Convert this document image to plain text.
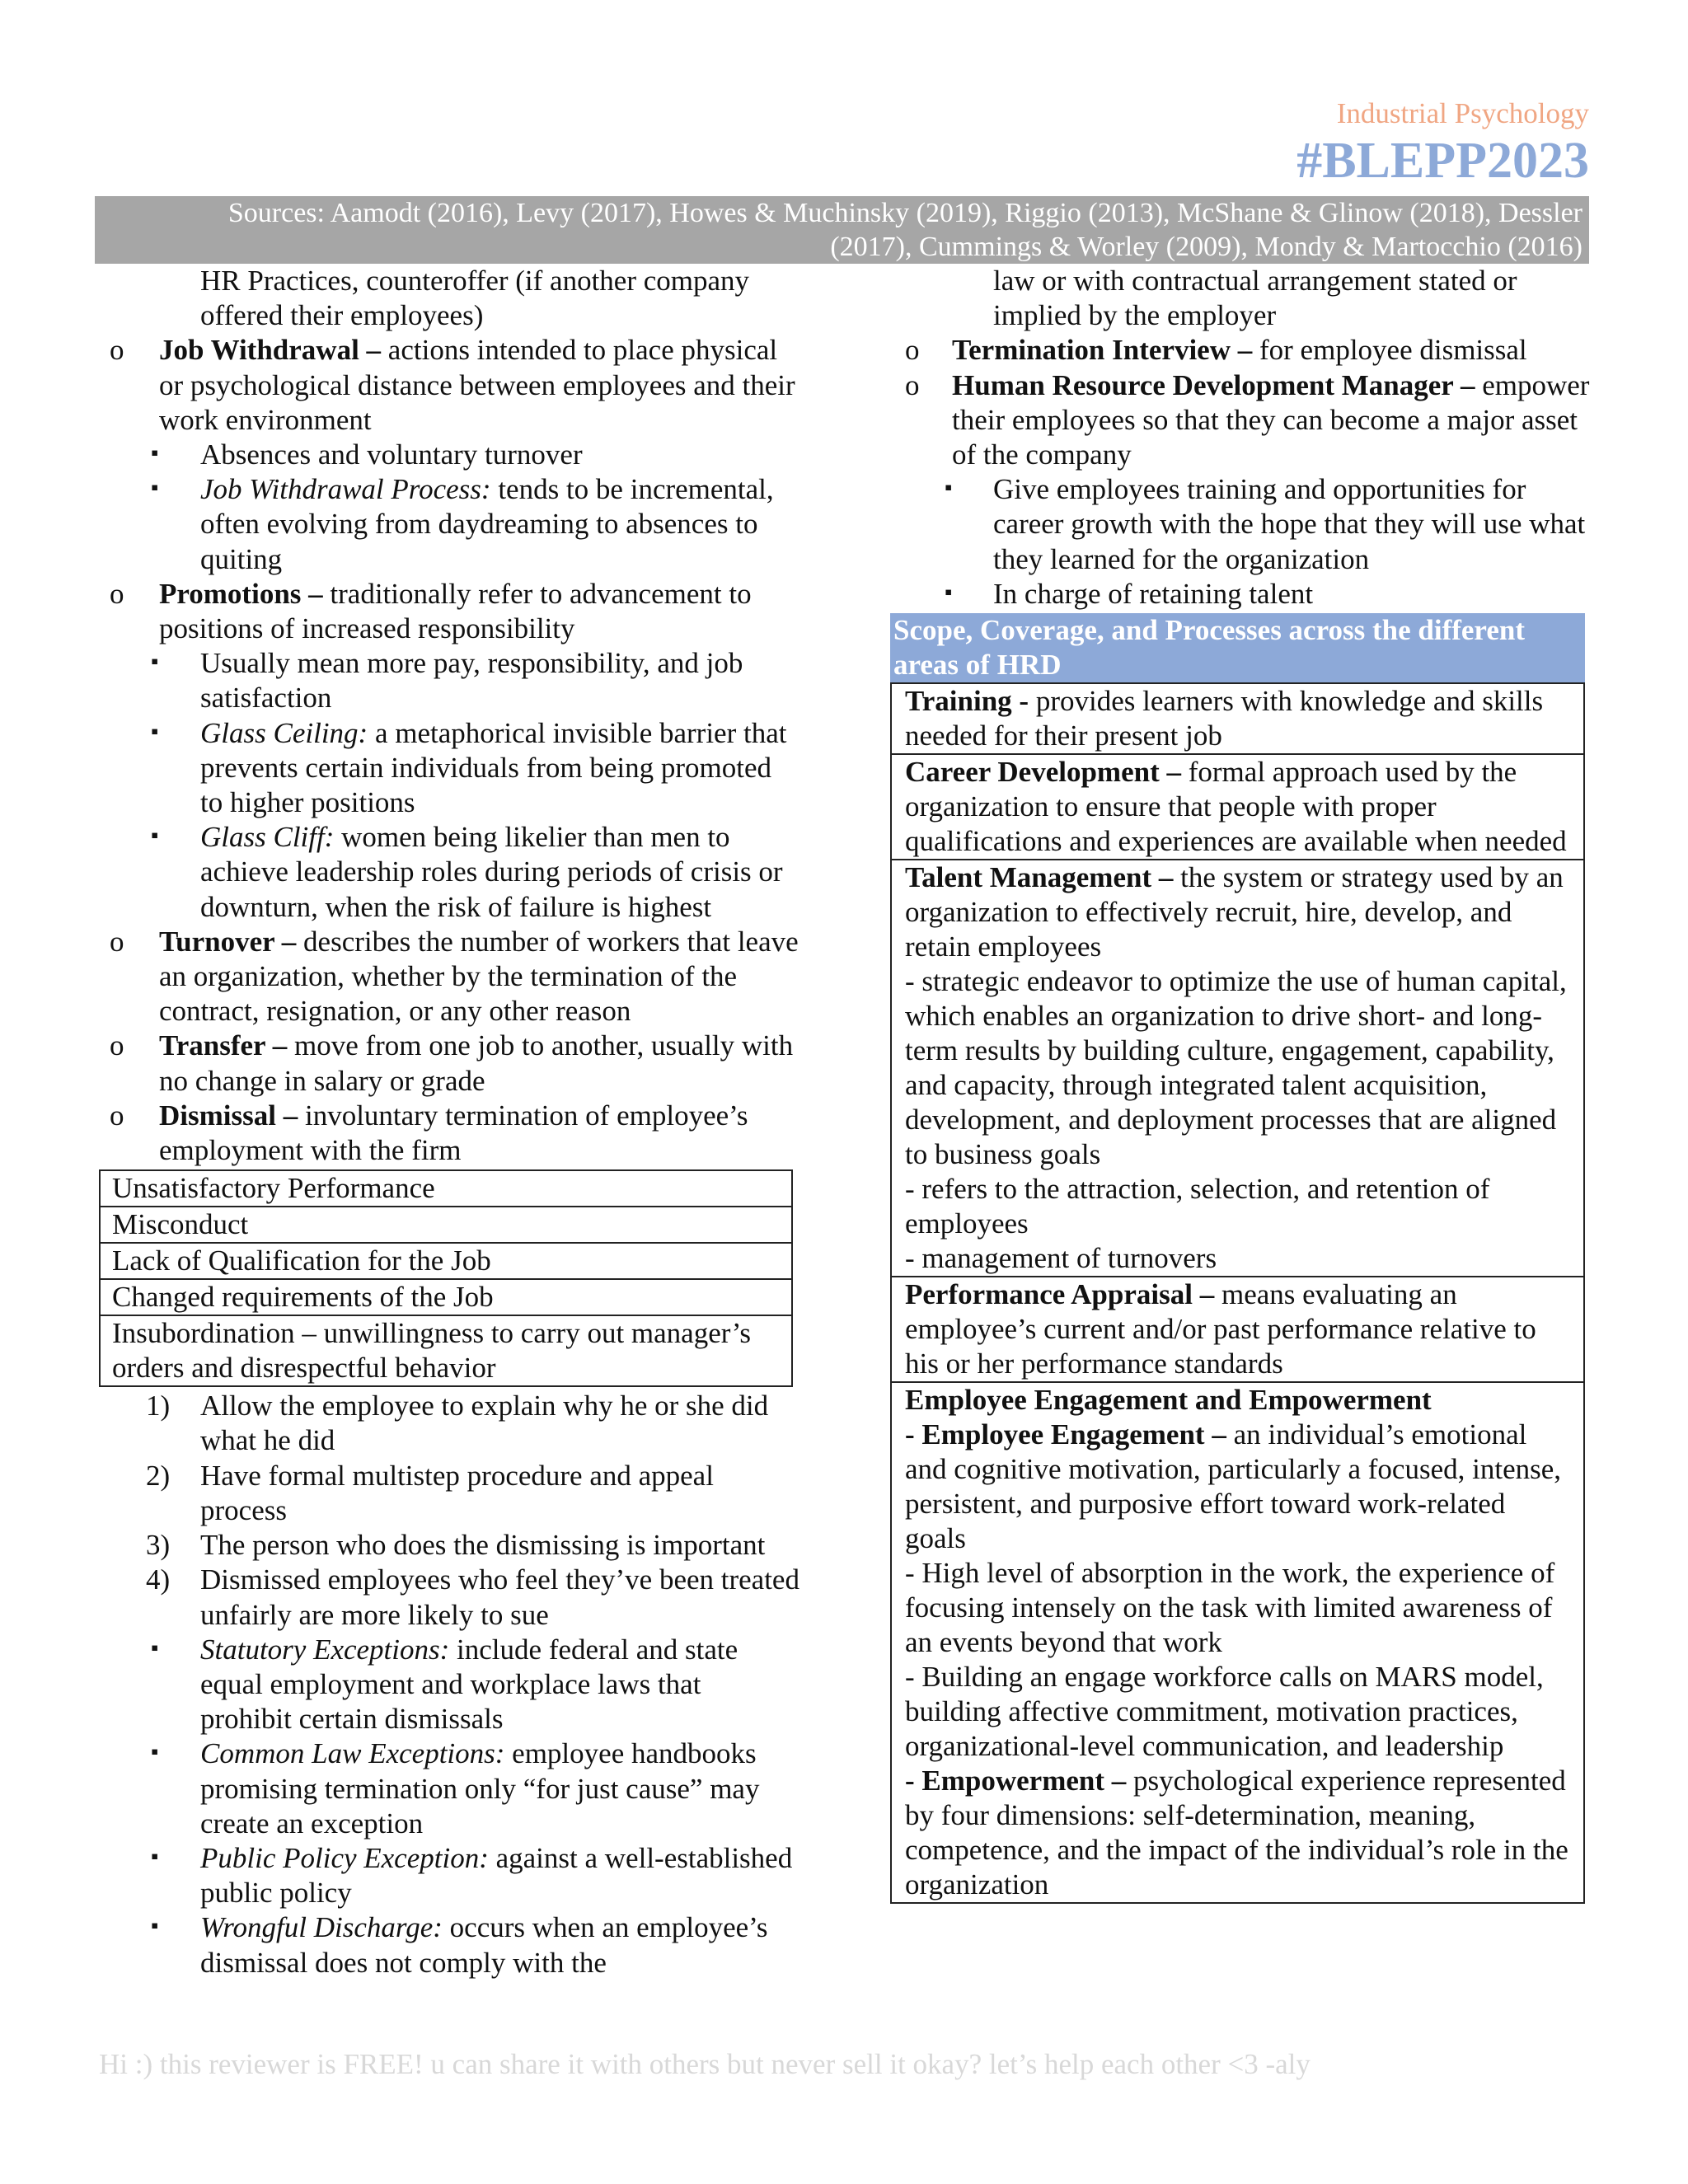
Industrial Psychology
#BLEPP2023
Sources: Aamodt (2016), Levy (2017), Howes & Muchinsky (2019), Riggio (2013), McShane & Glinow (2018), Dessler
(2017), Cummings & Worley (2009), Mondy & Martocchio (2016)
HR Practices, counteroffer (if another company offered their employees)
o Job Withdrawal – actions intended to place physical or psychological distance between employees and their work environment
▪ Absences and voluntary turnover
▪ Job Withdrawal Process: tends to be incremental, often evolving from daydreaming to absences to quiting
o Promotions – traditionally refer to advancement to positions of increased responsibility
▪ Usually mean more pay, responsibility, and job satisfaction
▪ Glass Ceiling: a metaphorical invisible barrier that prevents certain individuals from being promoted to higher positions
▪ Glass Cliff: women being likelier than men to achieve leadership roles during periods of crisis or downturn, when the risk of failure is highest
o Turnover – describes the number of workers that leave an organization, whether by the termination of the contract, resignation, or any other reason
o Transfer – move from one job to another, usually with no change in salary or grade
o Dismissal – involuntary termination of employee’s employment with the firm
Unsatisfactory Performance
Misconduct
Lack of Qualification for the Job
Changed requirements of the Job
Insubordination – unwillingness to carry out manager’s orders and disrespectful behavior
1) Allow the employee to explain why he or she did what he did
2) Have formal multistep procedure and appeal process
3) The person who does the dismissing is important
4) Dismissed employees who feel they’ve been treated unfairly are more likely to sue
▪ Statutory Exceptions: include federal and state equal employment and workplace laws that prohibit certain dismissals
▪ Common Law Exceptions: employee handbooks promising termination only “for just cause” may create an exception
▪ Public Policy Exception: against a well-established public policy
▪ Wrongful Discharge: occurs when an employee’s dismissal does not comply with the
law or with contractual arrangement stated or implied by the employer
o Termination Interview – for employee dismissal
o Human Resource Development Manager – empower their employees so that they can become a major asset of the company
▪ Give employees training and opportunities for career growth with the hope that they will use what they learned for the organization
▪ In charge of retaining talent
Scope, Coverage, and Processes across the different areas of HRD
Training - provides learners with knowledge and skills needed for their present job
Career Development – formal approach used by the organization to ensure that people with proper qualifications and experiences are available when needed

Talent Management – the system or strategy used by an organization to effectively recruit, hire, develop, and retain employees
- strategic endeavor to optimize the use of human capital, which enables an organization to drive short- and long-term results by building culture, engagement, capability, and capacity, through integrated talent acquisition, development, and deployment processes that are aligned to business goals
- refers to the attraction, selection, and retention of employees
- management of turnovers

Performance Appraisal – means evaluating an employee’s current and/or past performance relative to his or her performance standards

Employee Engagement and Empowerment
- Employee Engagement – an individual’s emotional and cognitive motivation, particularly a focused, intense, persistent, and purposive effort toward work-related goals
- High level of absorption in the work, the experience of focusing intensely on the task with limited awareness of an events beyond that work
- Building an engage workforce calls on MARS model, building affective commitment, motivation practices, organizational-level communication, and leadership
- Empowerment – psychological experience represented by four dimensions: self-determination, meaning, competence, and the impact of the individual’s role in the organization
Hi :) this reviewer is FREE! u can share it with others but never sell it okay? let’s help each other <3 -aly
